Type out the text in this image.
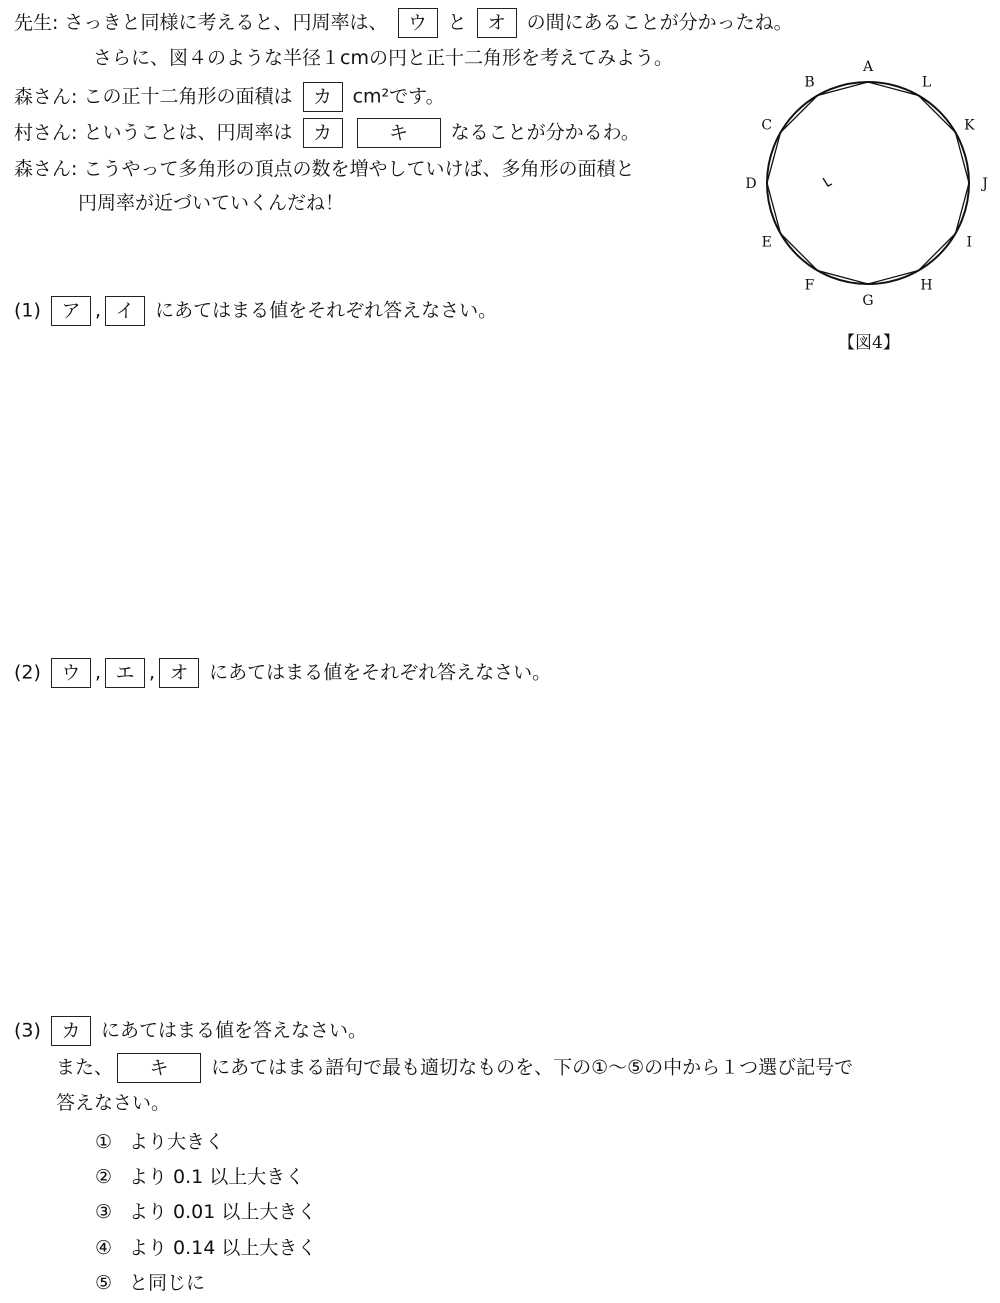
先生: さっきと同様に考えると、円周率は、 ウ と オ の間にあることが分かったね。
さらに、図４のような半径１cmの円と正十二角形を考えてみよう。
森さん: この正十二角形の面積は カ cm²です。
村さん: ということは、円周率は カ	キ なることが分かるわ。
森さん: こうやって多角形の頂点の数を増やしていけば、多角形の面積と
円周率が近づいていくんだね！
A
L
K
J
I
H
G
F
E
D
C
B
【図4】
(1) ア , イ にあてはまる値をそれぞれ答えなさい。
(2) ウ , エ , オ にあてはまる値をそれぞれ答えなさい。
(3) カ にあてはまる値を答えなさい。
また、 キ にあてはまる語句で最も適切なものを、下の①〜⑤の中から１つ選び記号で
答えなさい。
① より大きく
② より 0.1 以上大きく
③ より 0.01 以上大きく
④ より 0.14 以上大きく
⑤ と同じに
